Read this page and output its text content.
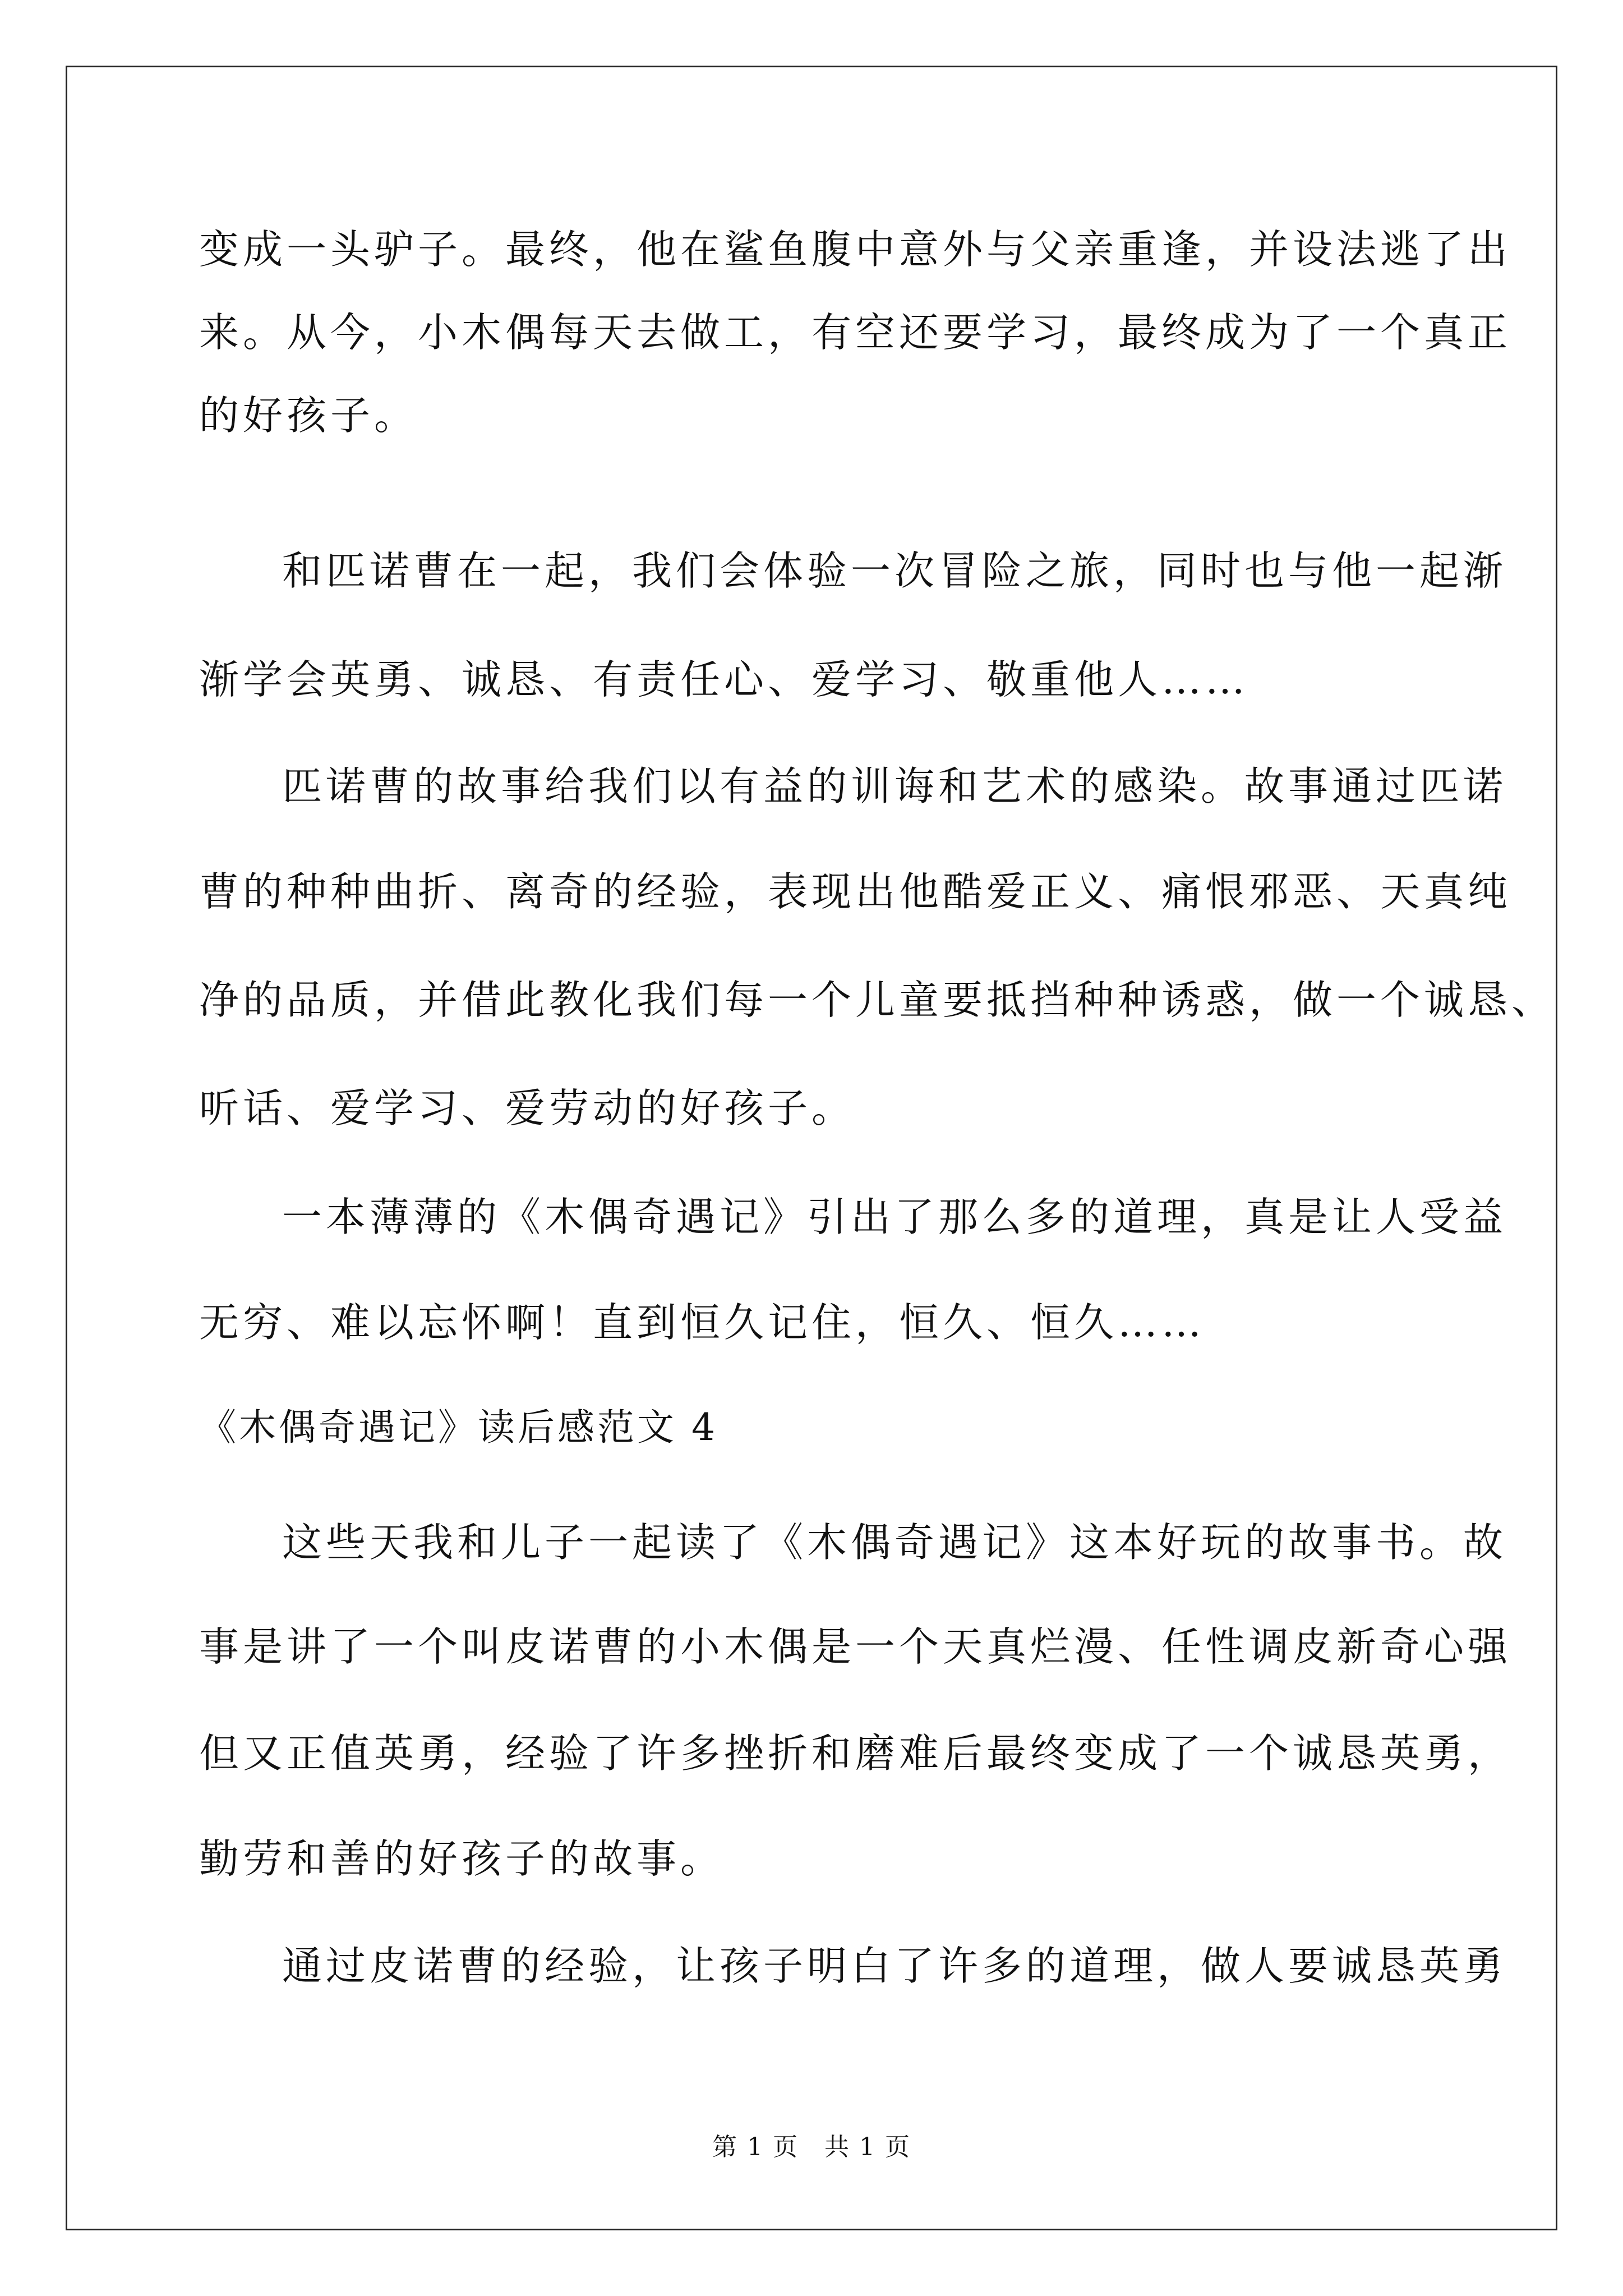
变成一头驴子。最终，他在鲨鱼腹中意外与父亲重逢，并设法逃了出
来。从今，小木偶每天去做工，有空还要学习，最终成为了一个真正
的好孩子。
和匹诺曹在一起，我们会体验一次冒险之旅，同时也与他一起渐
渐学会英勇、诚恳、有责任心、爱学习、敬重他人……
匹诺曹的故事给我们以有益的训诲和艺术的感染。故事通过匹诺
曹的种种曲折、离奇的经验，表现出他酷爱正义、痛恨邪恶、天真纯
净的品质，并借此教化我们每一个儿童要抵挡种种诱惑，做一个诚恳、
听话、爱学习、爱劳动的好孩子。
一本薄薄的《木偶奇遇记》引出了那么多的道理，真是让人受益
无穷、难以忘怀啊！直到恒久记住，恒久、恒久……
《木偶奇遇记》读后感范文 4
这些天我和儿子一起读了《木偶奇遇记》这本好玩的故事书。故
事是讲了一个叫皮诺曹的小木偶是一个天真烂漫、任性调皮新奇心强
但又正值英勇，经验了许多挫折和磨难后最终变成了一个诚恳英勇，
勤劳和善的好孩子的故事。
通过皮诺曹的经验，让孩子明白了许多的道理，做人要诚恳英勇
第 1 页 共 1 页
